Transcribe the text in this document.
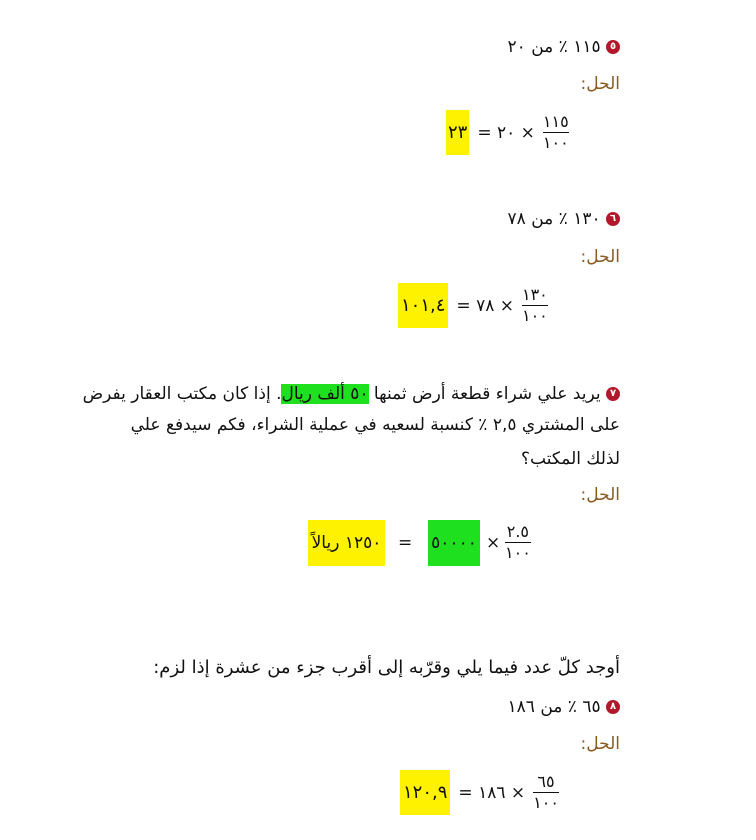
٥ ١١٥ ٪ من ٢٠
الحل:
٢٣ × ٢٠ = $\frac{١١٥}{١٠٠}$
٦ ١٣٠ ٪ من ٧٨
الحل:
١٠١,٤ × ٧٨ = $\frac{١٣٠}{١٠٠}$
٧ يريد علي شراء قطعة أرض ثمنها ٥٠ ألف ريال. إذا كان مكتب العقار يفرض
على المشتري ٢,٥ ٪ كنسبة لسعيه في عملية الشراء، فكم سيدفع علي
لذلك المكتب؟
الحل:
١٢٥٠ ريالاً = ٥٠٠٠٠ ×
٢.٥
١٠٠
أوجد كلّ عدد فيما يلي وقرّبه إلى أقرب جزء من عشرة إذا لزم:
٨ ٦٥ ٪ من ١٨٦
الحل:
١٢٠,٩ × ١٨٦ = $\frac{٦٥}{١٠٠}$
